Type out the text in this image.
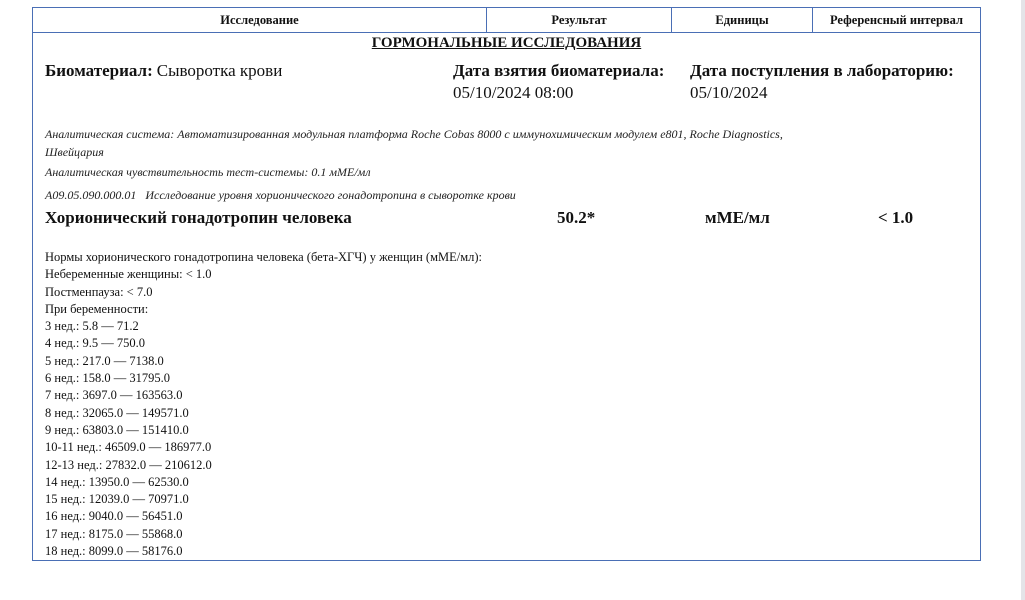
Исследование	Результат	Единицы	Референсный интервал
ГОРМОНАЛЬНЫЕ ИССЛЕДОВАНИЯ
Биоматериал: Сыворотка крови	Дата взятия биоматериала:
05/10/2024 08:00
Дата поступления в лабораторию:
05/10/2024
Аналитическая система: Автоматизированная модульная платформа Roche Cobas 8000 с иммунохимическим модулем e801, Roche Diagnostics,
Швейцария
Аналитическая чувствительность тест-системы: 0.1 мМЕ/мл
A09.05.090.000.01   Исследование уровня хорионического гонадотропина в сыворотке крови
Хорионический гонадотропин человека	50.2*	мМЕ/мл	< 1.0
Нормы хорионического гонадотропина человека (бета-ХГЧ) у женщин (мМЕ/мл):
Небеременные женщины: < 1.0
Постменпауза: < 7.0
При беременности:
3 нед.: 5.8 — 71.2
4 нед.: 9.5 — 750.0
5 нед.: 217.0 — 7138.0
6 нед.: 158.0 — 31795.0
7 нед.: 3697.0 — 163563.0
8 нед.: 32065.0 — 149571.0
9 нед.: 63803.0 — 151410.0
10-11 нед.: 46509.0 — 186977.0
12-13 нед.: 27832.0 — 210612.0
14 нед.: 13950.0 — 62530.0
15 нед.: 12039.0 — 70971.0
16 нед.: 9040.0 — 56451.0
17 нед.: 8175.0 — 55868.0
18 нед.: 8099.0 — 58176.0
